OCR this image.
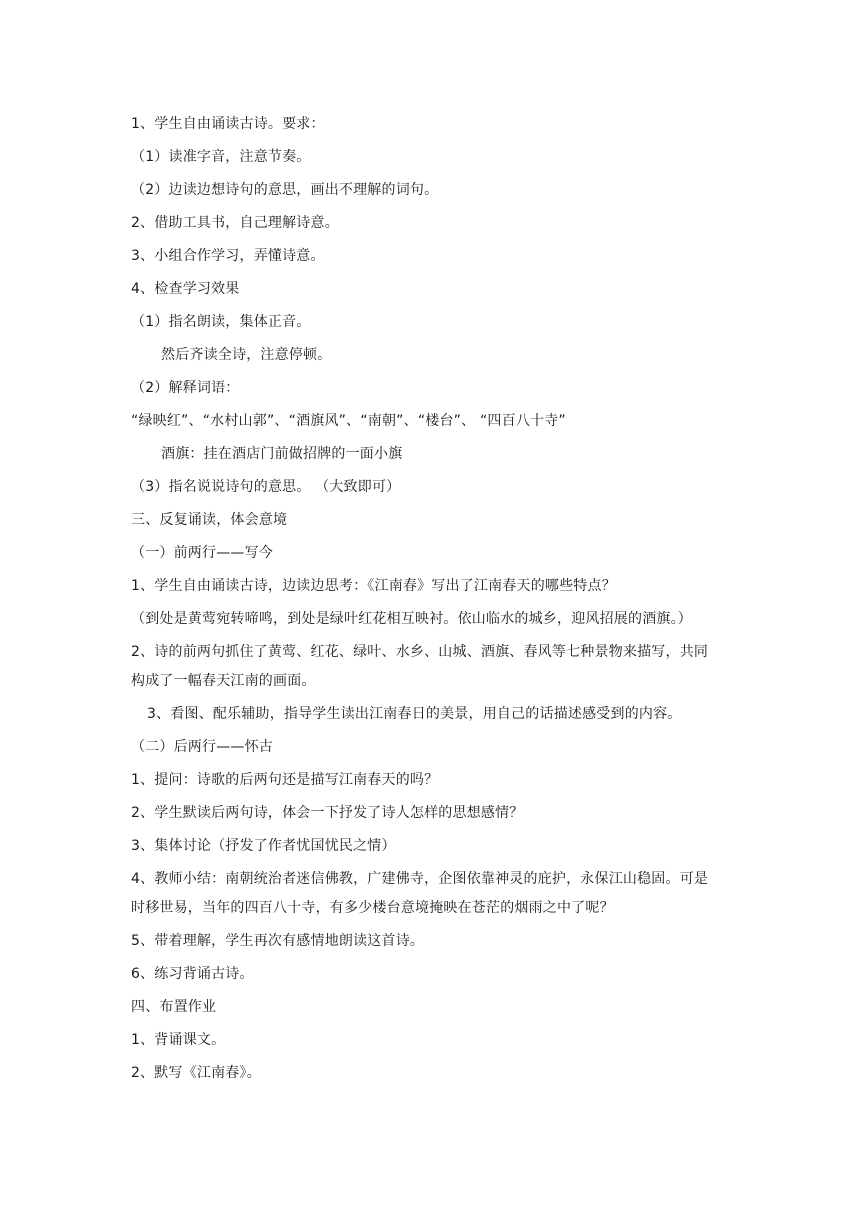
1、学生自由诵读古诗。要求：
（1）读准字音，注意节奏。
（2）边读边想诗句的意思，画出不理解的词句。
2、借助工具书，自己理解诗意。
3、小组合作学习，弄懂诗意。
4、检查学习效果
（1）指名朗读，集体正音。
然后齐读全诗，注意停顿。
（2）解释词语：
“绿映红”、“水村山郭”、“酒旗风”、“南朝”、“楼台”、 “四百八十寺”
酒旗：挂在酒店门前做招牌的一面小旗
（3）指名说说诗句的意思。 （大致即可）
三、反复诵读，体会意境
（一）前两行——写今
1、学生自由诵读古诗，边读边思考：《江南春》写出了江南春天的哪些特点？
（到处是黄莺宛转啼鸣，到处是绿叶红花相互映衬。依山临水的城乡，迎风招展的酒旗。）
2、诗的前两句抓住了黄莺、红花、绿叶、水乡、山城、酒旗、春风等七种景物来描写，共同
构成了一幅春天江南的画面。
3、看图、配乐辅助，指导学生读出江南春日的美景，用自己的话描述感受到的内容。
（二）后两行——怀古
1、提问：诗歌的后两句还是描写江南春天的吗？
2、学生默读后两句诗，体会一下抒发了诗人怎样的思想感情？
3、集体讨论（抒发了作者忧国忧民之情）
4、教师小结：南朝统治者迷信佛教，广建佛寺，企图依靠神灵的庇护，永保江山稳固。可是
时移世易，当年的四百八十寺，有多少楼台意境掩映在苍茫的烟雨之中了呢？
5、带着理解，学生再次有感情地朗读这首诗。
6、练习背诵古诗。
四、布置作业
1、背诵课文。
2、默写《江南春》。
